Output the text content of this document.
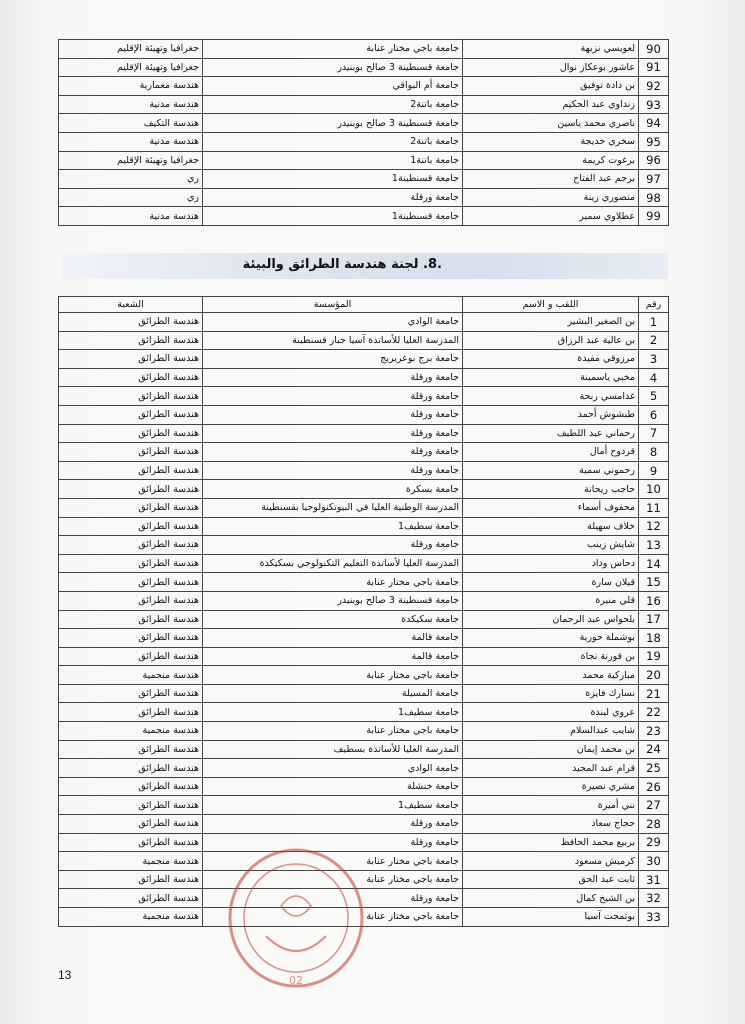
90	لعويسي نزيهة	جامعة باجي مختار عنابة	جغرافيا وتهيئة الإقليم
91	عاشور بوعكاز نوال	جامعة قسنطينة 3 صالح بوبنيدر	جغرافيا وتهيئة الإقليم
92	بن دادة توفيق	جامعة أم البواقي	هندسة معمارية
93	زنداوي عبد الحكيم	جامعة باتنة2	هندسة مدنية
94	ناصري محمد ياسين	جامعة قسنطينة 3 صالح بوبنيدر	هندسة التكيف
95	سخري خديجة	جامعة باتنة2	هندسة مدنية
96	برغوت كريمة	جامعة باتنة1	جغرافيا وتهيئة الإقليم
97	برجم عبد الفتاح	جامعة قسنطينة1	ري
98	منصوري زينة	جامعة ورقلة	ري
99	عطلاوي سمير	جامعة قسنطينة1	هندسة مدنية
.8. لجنة هندسة الطرائق والبيئة
رقم	اللقب و الاسم	المؤسسة	الشعبة
1	بن الصغير البشير	جامعة الوادي	هندسة الطرائق
2	بن عالية عبد الرزاق	المدرسة العليا للأساتذة آسيا جبار قسنطينة	هندسة الطرائق
3	مرزوقي مفيدة	جامعة برج بوعريريج	هندسة الطرائق
4	مخبي ياسمينة	جامعة ورقلة	هندسة الطرائق
5	غدامسي ربحة	جامعة ورقلة	هندسة الطرائق
6	طبشوش أحمد	جامعة ورقلة	هندسة الطرائق
7	رحماني عبد اللطيف	جامعة ورقلة	هندسة الطرائق
8	قردوح أمال	جامعة ورقلة	هندسة الطرائق
9	رحموني سمية	جامعة ورقلة	هندسة الطرائق
10	حاجب ريحانة	جامعة بسكرة	هندسة الطرائق
11	محفوف أسماء	المدرسة الوطنية العليا في البيوتكنولوجيا بقسنطينة	هندسة الطرائق
12	خلاف سهيلة	جامعة سطيف1	هندسة الطرائق
13	شايش زينب	جامعة ورقلة	هندسة الطرائق
14	دحاس وداد	المدرسة العليا لأساتذة التعليم التكنولوجي بسكيكدة	هندسة الطرائق
15	قيلان سارة	جامعة باجي مختار عنابة	هندسة الطرائق
16	قلي منيرة	جامعة قسنطينة 3 صالح بوبنيدر	هندسة الطرائق
17	بلحواس عبد الرحمان	جامعة سكيكدة	هندسة الطرائق
18	بوشملة حورية	جامعة قالمة	هندسة الطرائق
19	بن قورنة نجاة	جامعة قالمة	هندسة الطرائق
20	مباركية محمد	جامعة باجي مختار عنابة	هندسة منجمية
21	نسارك فايزة	جامعة المسيلة	هندسة الطرائق
22	عروي ليندة	جامعة سطيف1	هندسة الطرائق
23	شايب عبدالسلام	جامعة باجي مختار عنابة	هندسة منجمية
24	بن محمد إيمان	المدرسة العليا للأساتذة بسطيف	هندسة الطرائق
25	قرام عبد المجيد	جامعة الوادي	هندسة الطرائق
26	مشري نصيرة	جامعة خنشلة	هندسة الطرائق
27	نني أميرة	جامعة سطيف1	هندسة الطرائق
28	حجاج سعاد	جامعة ورقلة	هندسة الطرائق
29	بربيع محمد الحافظ	جامعة ورقلة	هندسة الطرائق
30	كرميش مسعود	جامعة باجي مختار عنابة	هندسة منجمية
31	ثابت عبد الحق	جامعة باجي مختار عنابة	هندسة الطرائق
32	بن الشيخ كمال	جامعة ورقلة	هندسة الطرائق
33	بوتمجت آسيا	جامعة باجي مختار عنابة	هندسة منجمية
02
13
